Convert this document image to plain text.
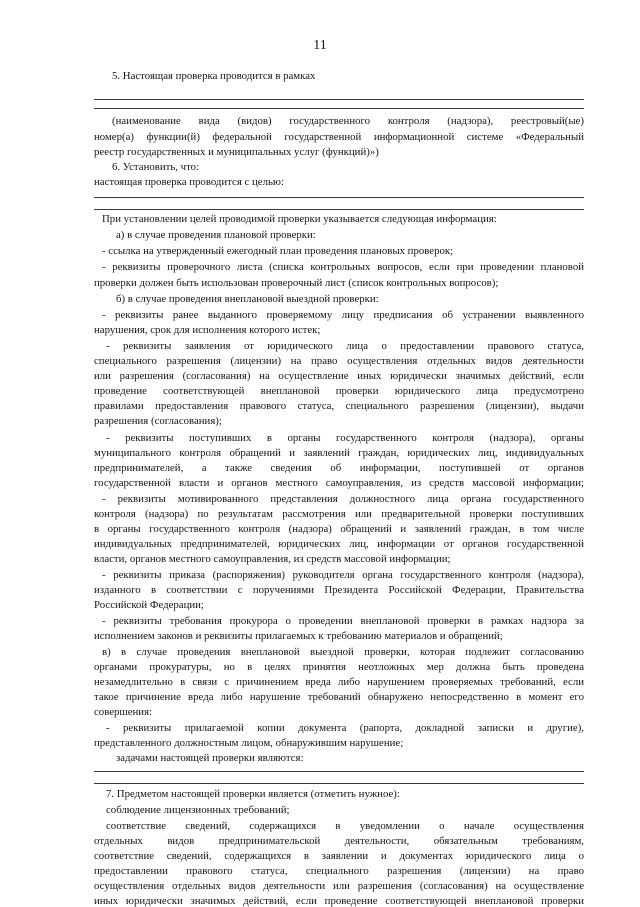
11
5. Настоящая проверка проводится в рамках
(наименование вида (видов) государственного контроля (надзора), реестровый(ые)
номер(а) функции(й) федеральной государственной информационной системе «Федеральный
реестр государственных и муниципальных услуг (функций)»)
6. Установить, что:
настоящая проверка проводится с целью:
При установлении целей проводимой проверки указывается следующая информация:
а) в случае проведения плановой проверки:
- ссылка на утвержденный ежегодный план проведения плановых проверок;
- реквизиты проверочного листа (списка контрольных вопросов, если при проведении плановой
проверки должен быть использован проверочный лист (список контрольных вопросов);
б) в случае проведения внеплановой выездной проверки:
- реквизиты ранее выданного проверяемому лицу предписания об устранении выявленного
нарушения, срок для исполнения которого истек;
- реквизиты заявления от юридического лица о предоставлении правового статуса,
специального разрешения (лицензии) на право осуществления отдельных видов деятельности
или разрешения (согласования) на осуществление иных юридически значимых действий, если
проведение соответствующей внеплановой проверки юридического лица предусмотрено
правилами предоставления правового статуса, специального разрешения (лицензии), выдачи
разрешения (согласования);
- реквизиты поступивших в органы государственного контроля (надзора), органы
муниципального контроля обращений и заявлений граждан, юридических лиц, индивидуальных
предпринимателей, а также сведения об информации, поступившей от органов
государственной власти и органов местного самоуправления, из средств массовой информации;
- реквизиты мотивированного представления должностного лица органа государственного
контроля (надзора) по результатам рассмотрения или предварительной проверки поступивших
в органы государственного контроля (надзора) обращений и заявлений граждан, в том числе
индивидуальных предпринимателей, юридических лиц, информации от органов государственной
власти, органов местного самоуправления, из средств массовой информации;
- реквизиты приказа (распоряжения) руководителя органа государственного контроля (надзора),
изданного в соответствии с поручениями Президента Российской Федерации, Правительства
Российской Федерации;
- реквизиты требования прокурора о проведении внеплановой проверки в рамках надзора за
исполнением законов и реквизиты прилагаемых к требованию материалов и обращений;
в) в случае проведения внеплановой выездной проверки, которая подлежит согласованию
органами прокуратуры, но в целях принятия неотложных мер должна быть проведена
незамедлительно в связи с причинением вреда либо нарушением проверяемых требований, если
такое причинение вреда либо нарушение требований обнаружено непосредственно в момент его
совершения:
- реквизиты прилагаемой копии документа (рапорта, докладной записки и другие),
представленного должностным лицом, обнаружившим нарушение;
задачами настоящей проверки являются:
7. Предметом настоящей проверки является (отметить нужное):
соблюдение лицензионных требований;
соответствие сведений, содержащихся в уведомлении о начале осуществления
отдельных видов предпринимательской деятельности, обязательным требованиям,
соответствие сведений, содержащихся в заявлении и документах юридического лица о
предоставлении правового статуса, специального разрешения (лицензии) на право
осуществления отдельных видов деятельности или разрешения (согласования) на осуществление
иных юридически значимых действий, если проведение соответствующей внеплановой проверки
